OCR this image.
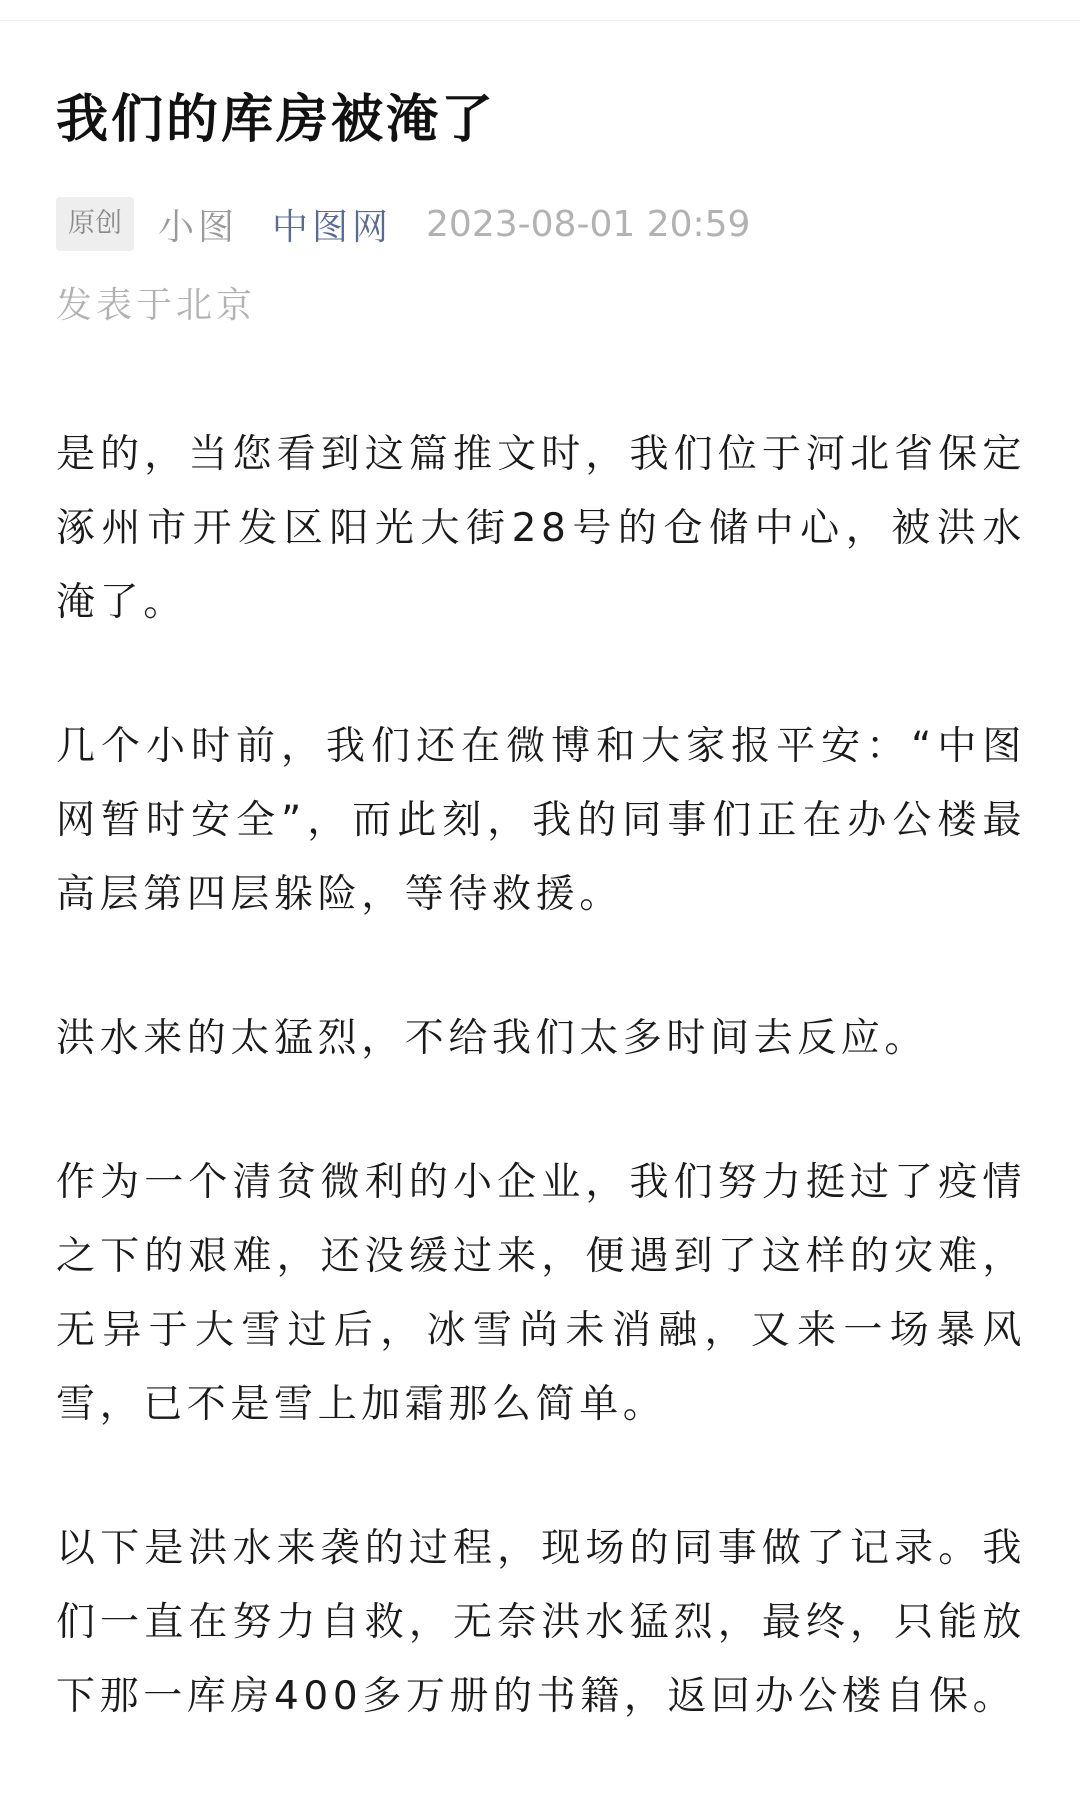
我们的库房被淹了
原创	小图 中图网 2023-08-01 20:59
发表于北京

是的，当您看到这篇推文时，我们位于河北省保定涿州市开发区阳光大街28号的仓储中心，被洪水淹了。

几个小时前，我们还在微博和大家报平安：“中图网暂时安全”，而此刻，我的同事们正在办公楼最高层第四层躲险，等待救援。

洪水来的太猛烈，不给我们太多时间去反应。

作为一个清贫微利的小企业，我们努力挺过了疫情之下的艰难，还没缓过来，便遇到了这样的灾难，无异于大雪过后，冰雪尚未消融，又来一场暴风雪，已不是雪上加霜那么简单。

以下是洪水来袭的过程，现场的同事做了记录。我们一直在努力自救，无奈洪水猛烈，最终，只能放下那一库房400多万册的书籍，返回办公楼自保。
